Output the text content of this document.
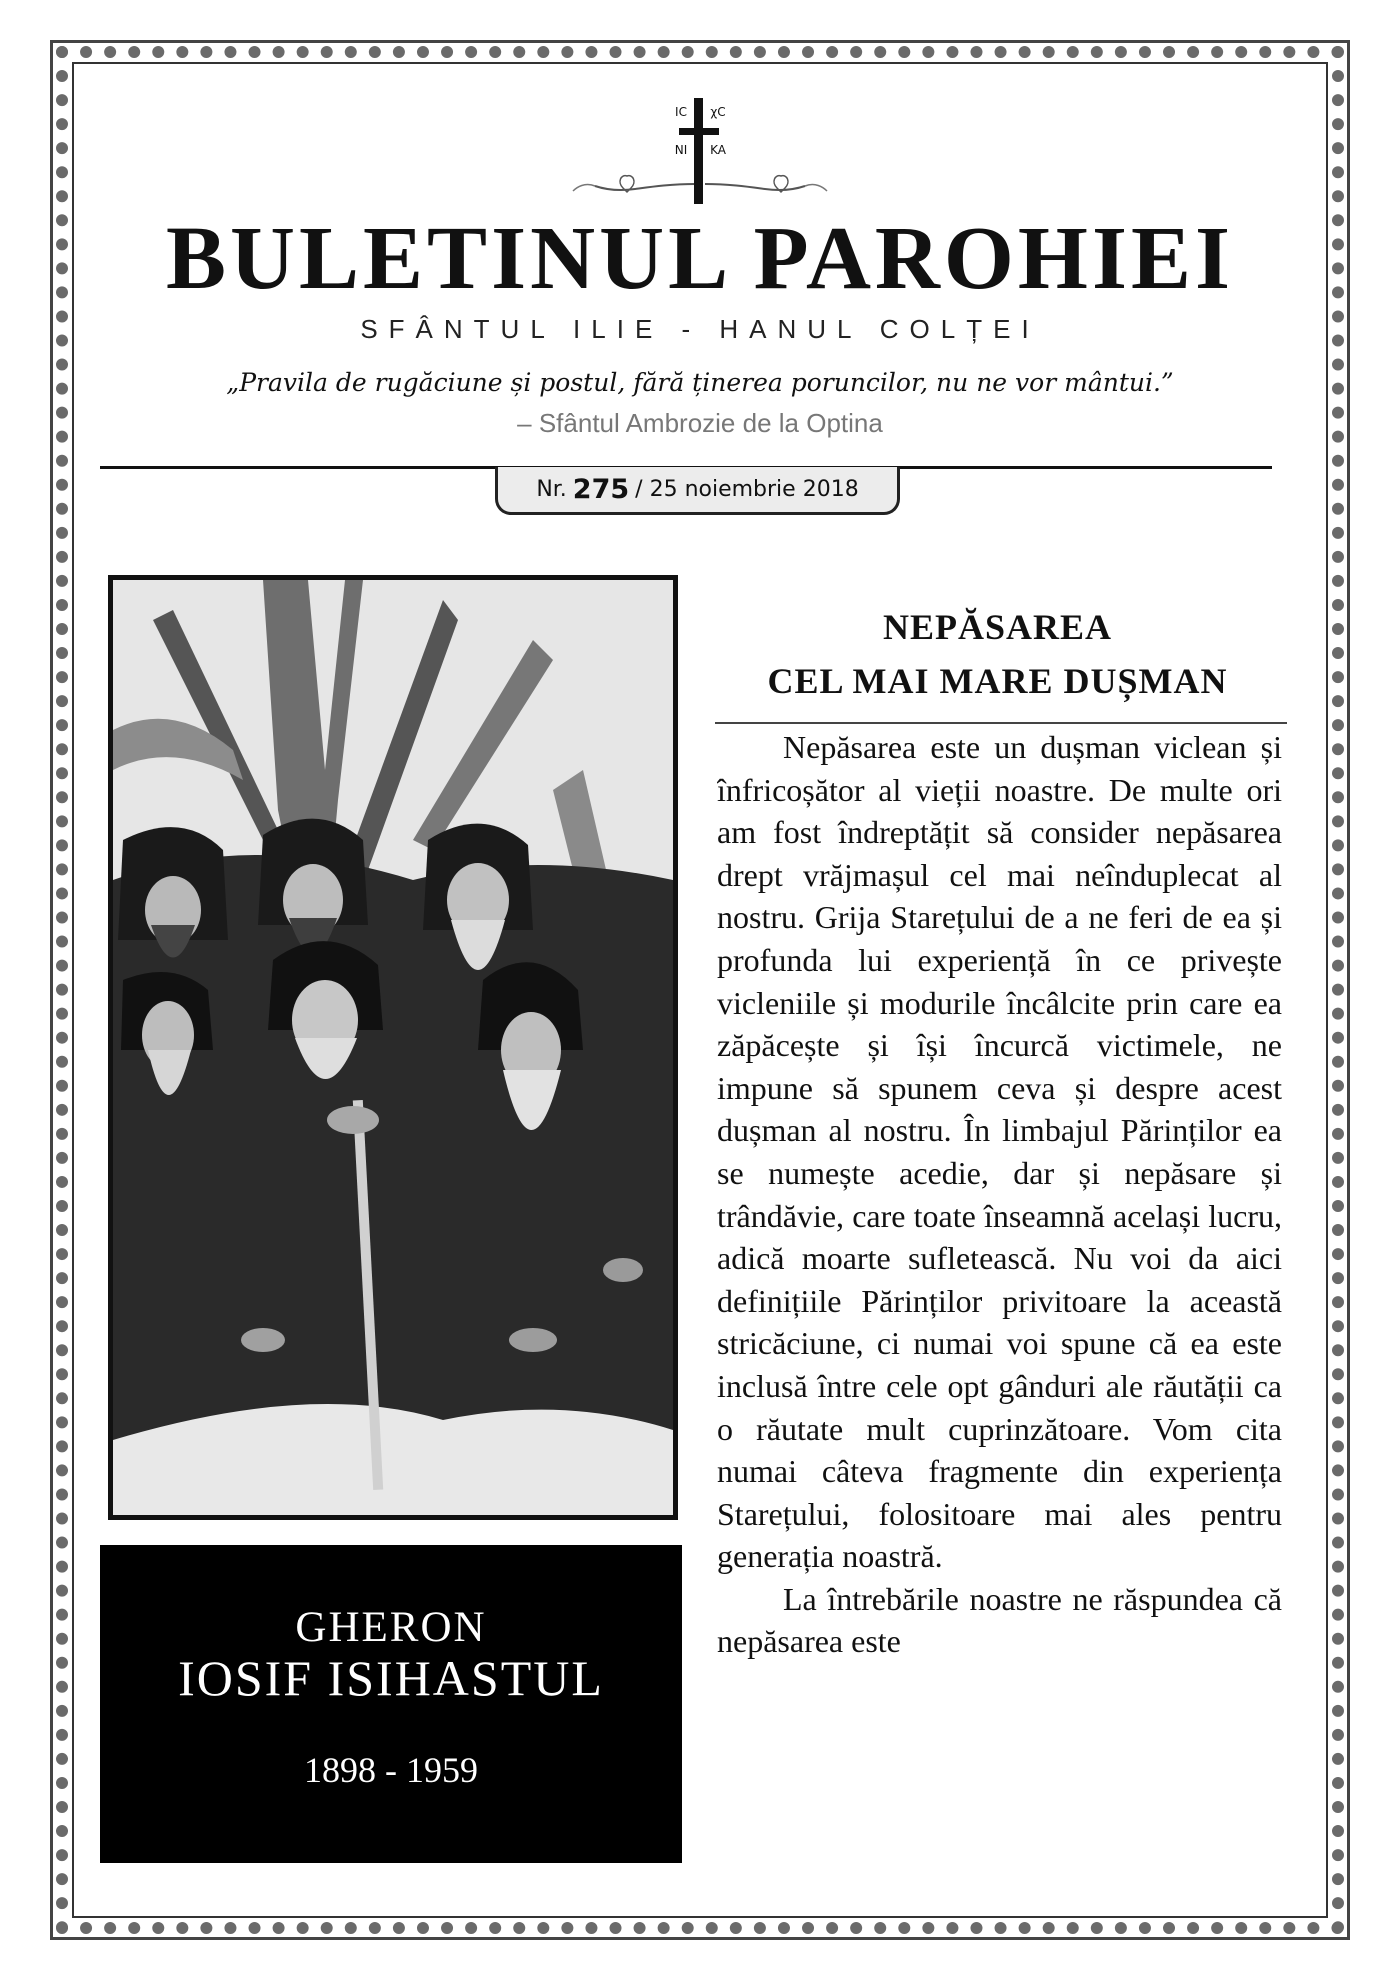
IC χC
NI KA
BULETINUL PAROHIEI
SFÂNTUL ILIE - HANUL COLȚEI
„Pravila de rugăciune și postul, fără ținerea poruncilor, nu ne vor mântui.”
– Sfântul Ambrozie de la Optina
Nr. 275 / 25 noiembrie 2018
GHERON
IOSIF ISIHASTUL
1898 - 1959
NEPĂSAREA
CEL MAI MARE DUȘMAN

Nepăsarea este un dușman viclean și înfricoșător al vieții noastre. De multe ori am fost îndreptățit să consider nepăsarea drept vrăjmașul cel mai neînduplecat al nostru. Grija Starețului de a ne feri de ea și profunda lui experiență în ce privește vicleniile și modurile încâlcite prin care ea zăpăcește și își încurcă victimele, ne impune să spunem ceva și despre acest dușman al nostru. În limbajul Părinților ea se numește acedie, dar și nepăsare și trândăvie, care toate înseamnă același lucru, adică moarte sufletească. Nu voi da aici definițiile Părinților privitoare la această stricăciune, ci numai voi spune că ea este inclusă între cele opt gânduri ale răutății ca o răutate mult cuprinzătoare. Vom cita numai câteva fragmente din experiența Starețului, folositoare mai ales pentru generația noastră.

La întrebările noastre ne răspundea că nepăsarea este
